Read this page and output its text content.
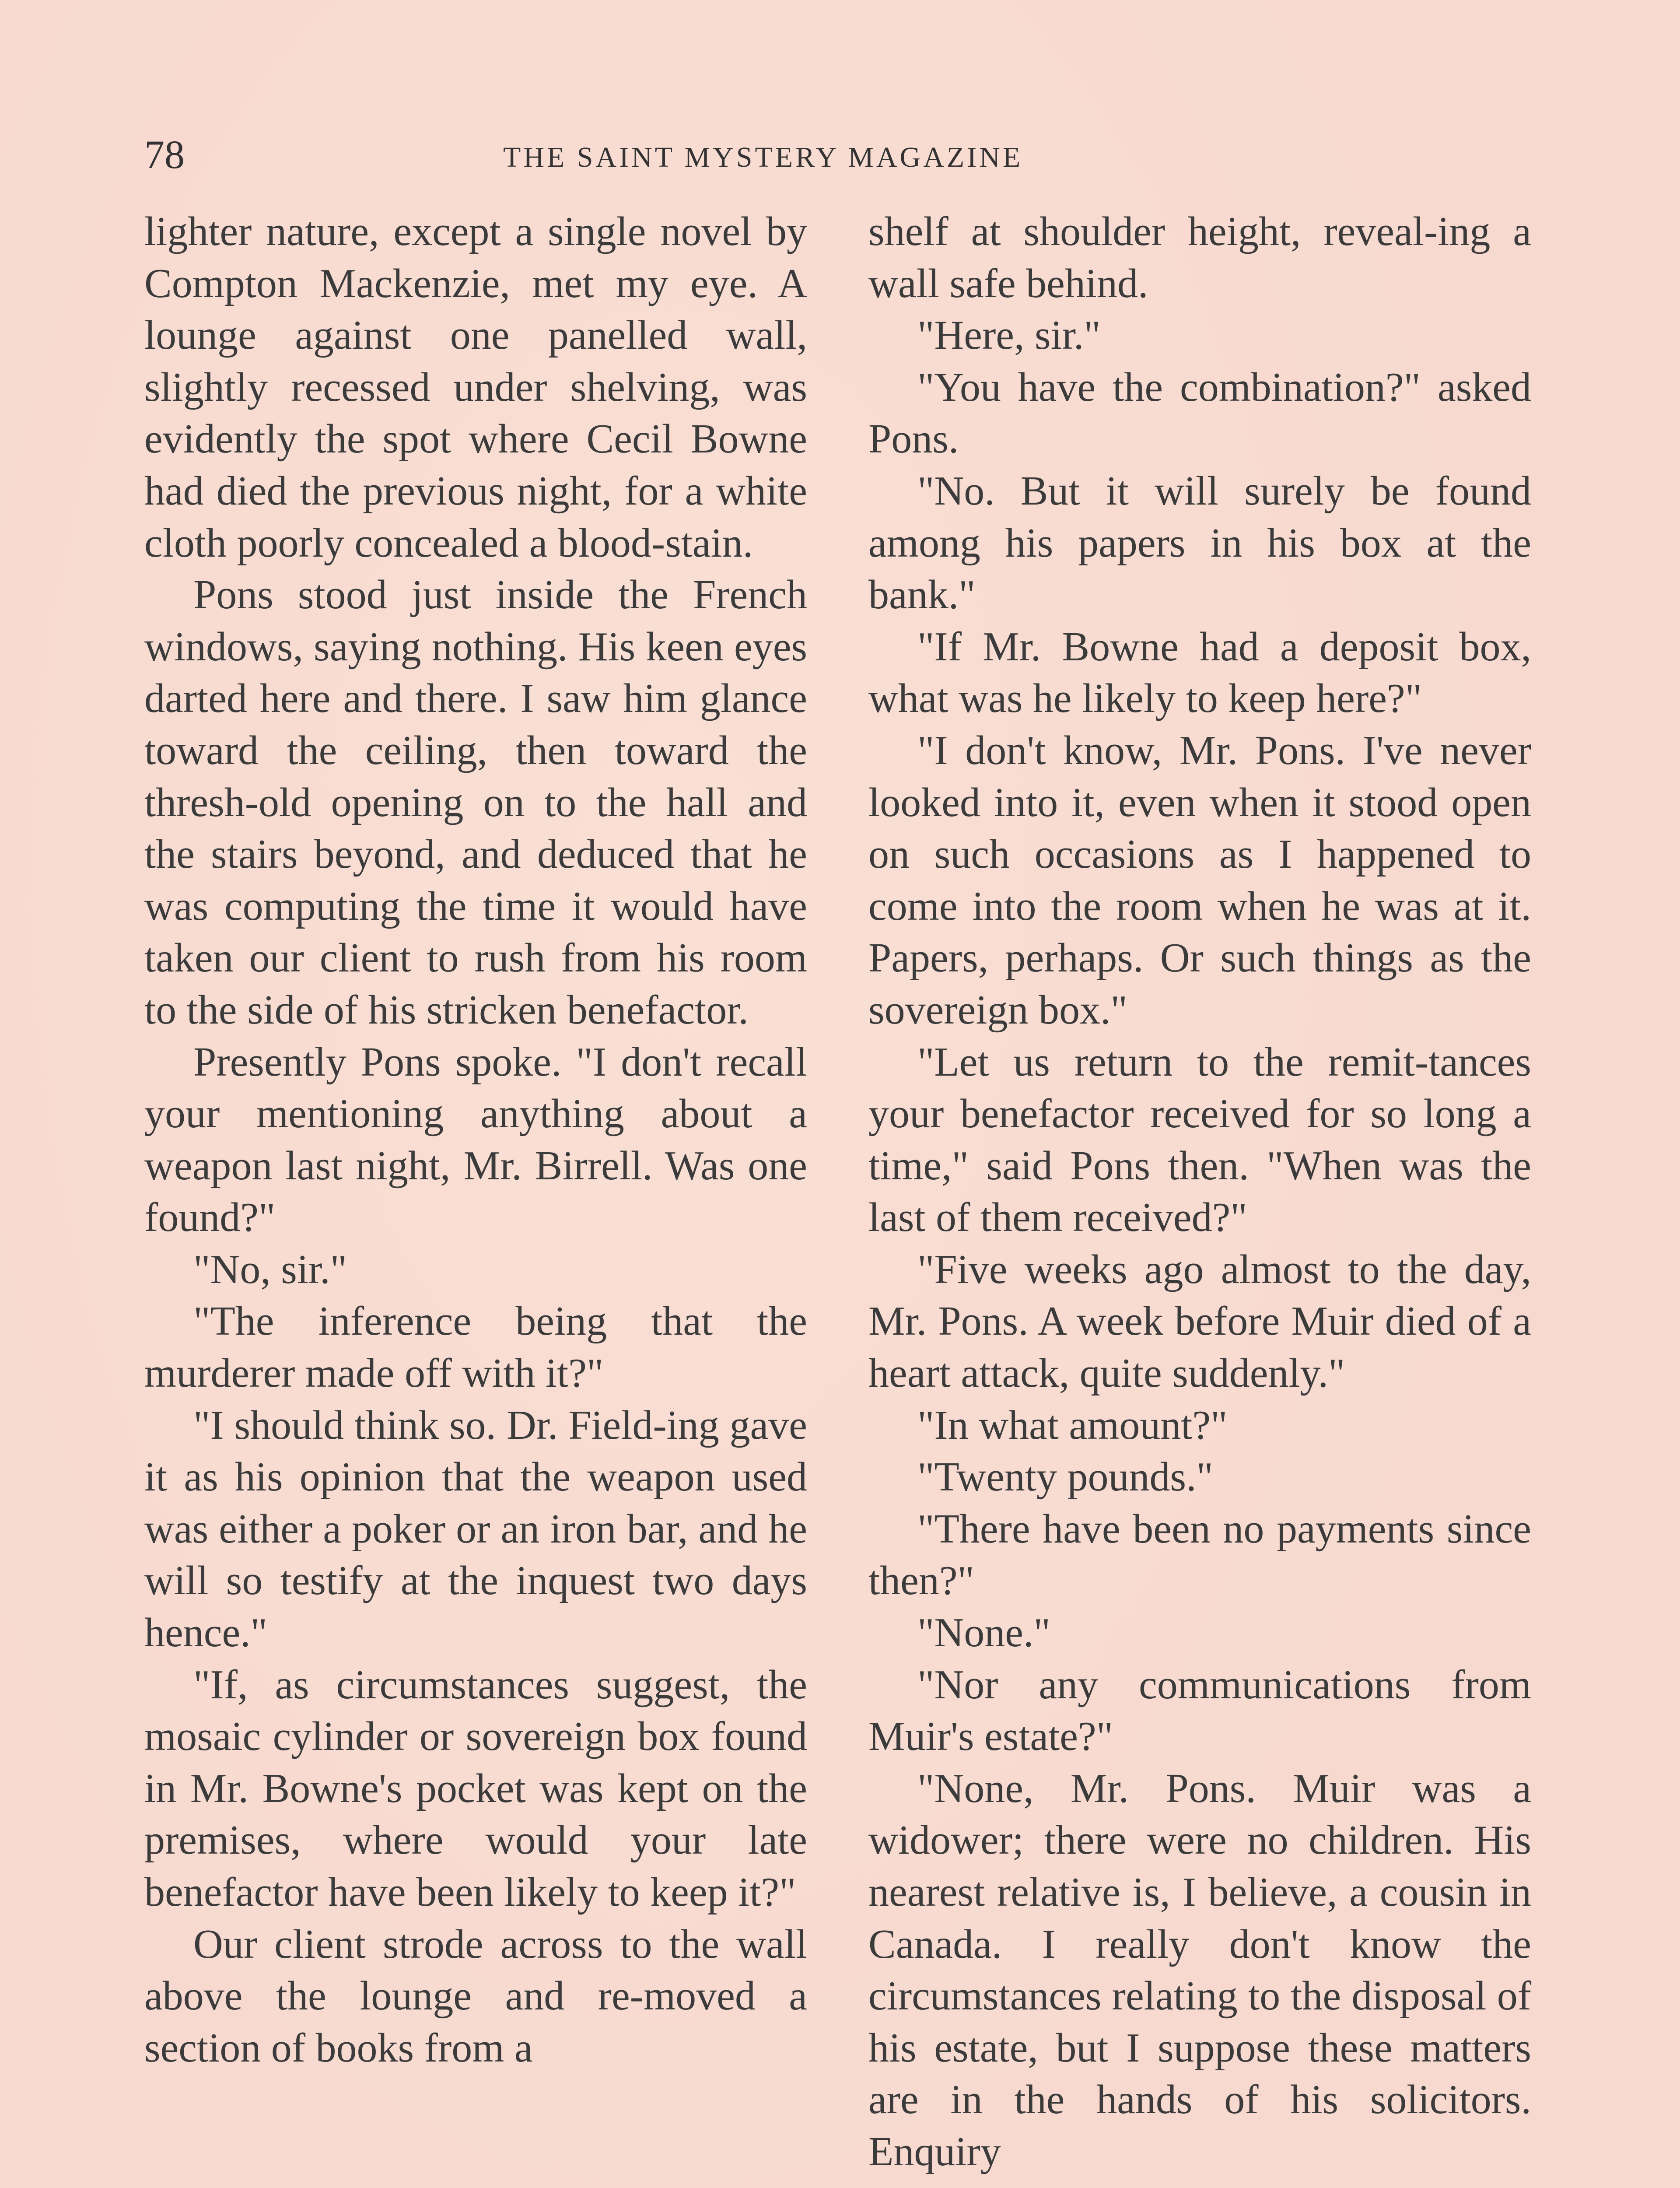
78	THE SAINT MYSTERY MAGAZINE

lighter nature, except a single novel by Compton Mackenzie, met my eye. A lounge against one panelled wall, slightly recessed under shelving, was evidently the spot where Cecil Bowne had died the previous night, for a white cloth poorly concealed a blood-stain.

Pons stood just inside the French windows, saying nothing. His keen eyes darted here and there. I saw him glance toward the ceiling, then toward the thresh-old opening on to the hall and the stairs beyond, and deduced that he was computing the time it would have taken our client to rush from his room to the side of his stricken benefactor.

Presently Pons spoke. "I don't recall your mentioning anything about a weapon last night, Mr. Birrell. Was one found?"

"No, sir."

"The inference being that the murderer made off with it?"

"I should think so. Dr. Field-ing gave it as his opinion that the weapon used was either a poker or an iron bar, and he will so testify at the inquest two days hence."

"If, as circumstances suggest, the mosaic cylinder or sovereign box found in Mr. Bowne's pocket was kept on the premises, where would your late benefactor have been likely to keep it?"

Our client strode across to the wall above the lounge and re-moved a section of books from a

shelf at shoulder height, reveal-ing a wall safe behind.

"Here, sir."

"You have the combination?" asked Pons.

"No. But it will surely be found among his papers in his box at the bank."

"If Mr. Bowne had a deposit box, what was he likely to keep here?"

"I don't know, Mr. Pons. I've never looked into it, even when it stood open on such occasions as I happened to come into the room when he was at it. Papers, perhaps. Or such things as the sovereign box."

"Let us return to the remit-tances your benefactor received for so long a time," said Pons then. "When was the last of them received?"

"Five weeks ago almost to the day, Mr. Pons. A week before Muir died of a heart attack, quite suddenly."

"In what amount?"

"Twenty pounds."

"There have been no payments since then?"

"None."

"Nor any communications from Muir's estate?"

"None, Mr. Pons. Muir was a widower; there were no children. His nearest relative is, I believe, a cousin in Canada. I really don't know the circumstances relating to the disposal of his estate, but I suppose these matters are in the hands of his solicitors. Enquiry
